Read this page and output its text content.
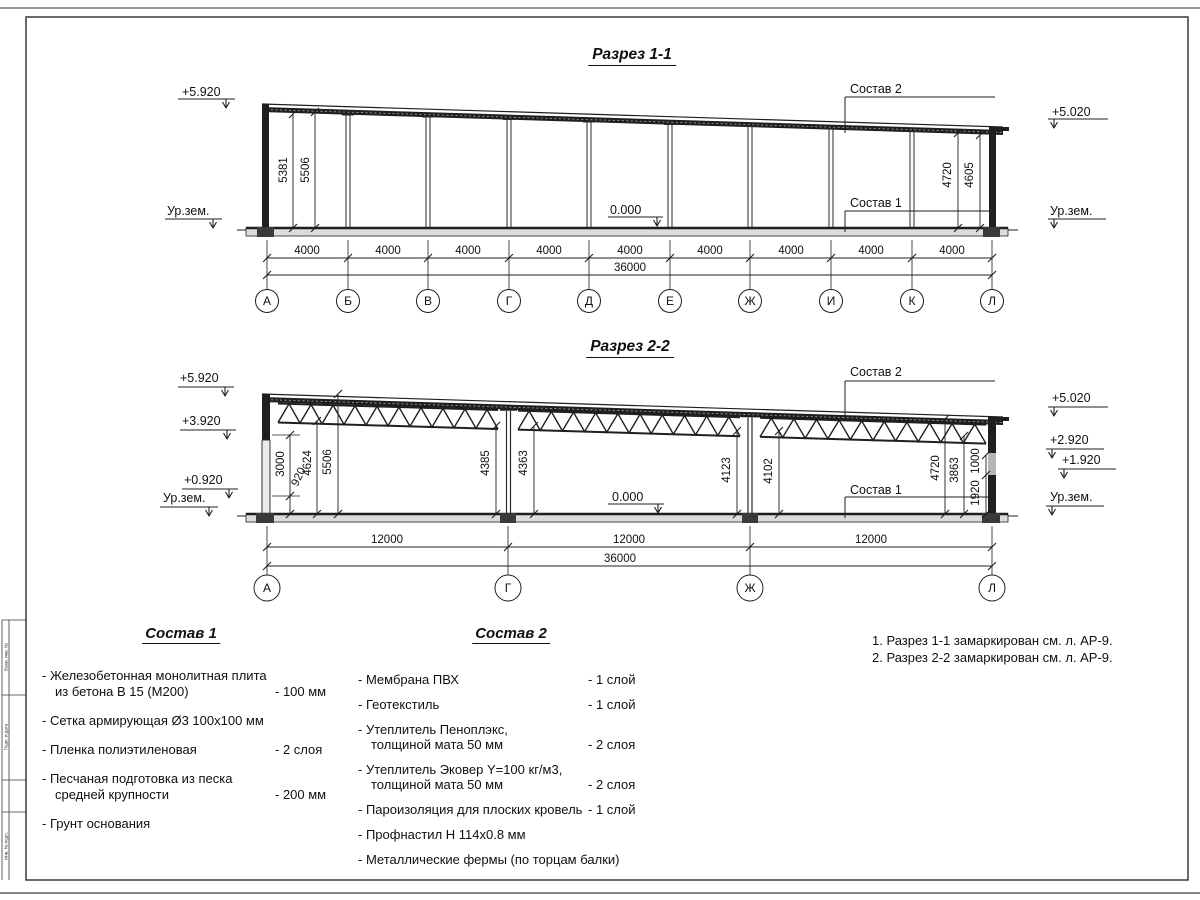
Разрез 1-1
+5.920
Ур.зем.
+5.020
Ур.зем.
0.000
Состав 2
Состав 1
5381 5506	4720 4605
4000	4000	4000	4000	4000	4000	4000	4000	4000
36000
А	Б	В	Г	Д	Е	Ж	И	К	Л
Разрез 2-2
+5.920
+3.920
+0.920
Ур.зем.
+5.020
+2.920
+1.920
Ур.зем.
0.000
Состав 2
Состав 1
3000
920
4624 5506	4385 4363	4123	4102	4720 3863 1000
1920
12000	12000	12000
36000
А	Г	Ж	Л
Состав 1
- Железобетонная монолитная плита
из бетона В 15 (М200)	- 100 мм
- Сетка армирующая Ø3 100х100 мм
- Пленка полиэтиленовая	- 2 слоя
- Песчаная подготовка из песка
средней крупности	- 200 мм
- Грунт основания
Состав 2
- Мембрана ПВХ	- 1 слой
- Геотекстиль	- 1 слой
- Утеплитель Пеноплэкс,
толщиной мата 50 мм	- 2 слоя
- Утеплитель Эковер Y=100 кг/м3,
толщиной мата 50 мм	- 2 слоя
- Пароизоляция для плоских кровель - 1 слой
- Профнастил Н 114х0.8 мм
- Металлические фермы (по торцам балки)
1. Разрез 1-1 замаркирован см. л. АР-9.
2. Разрез 2-2 замаркирован см. л. АР-9.
Взам. инв. №
Подп. и дата
Инв. № подл.
